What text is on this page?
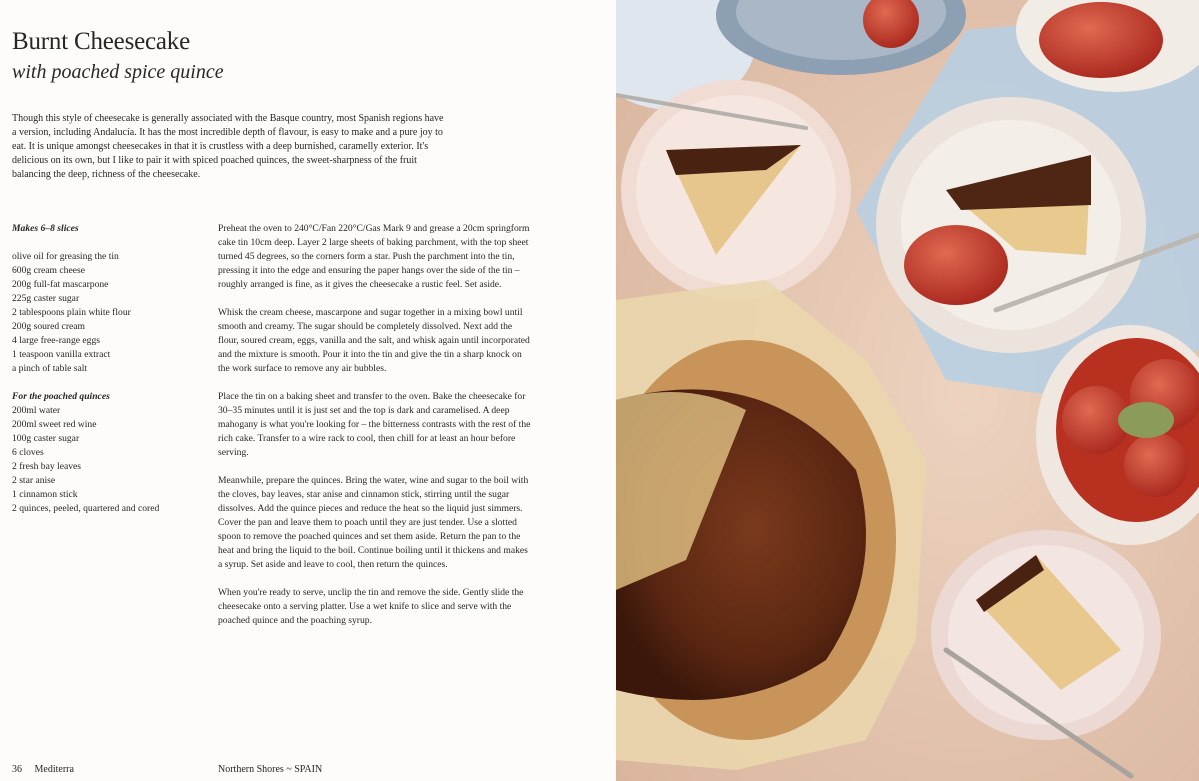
Burnt Cheesecake
with poached spice quince
Though this style of cheesecake is generally associated with the Basque country, most Spanish regions have a version, including Andalucía. It has the most incredible depth of flavour, is easy to make and a pure joy to eat. It is unique amongst cheesecakes in that it is crustless with a deep burnished, caramelly exterior. It's delicious on its own, but I like to pair it with spiced poached quinces, the sweet-sharpness of the fruit balancing the deep, richness of the cheesecake.
Makes 6–8 slices
olive oil for greasing the tin
600g cream cheese
200g full-fat mascarpone
225g caster sugar
2 tablespoons plain white flour
200g soured cream
4 large free-range eggs
1 teaspoon vanilla extract
a pinch of table salt
For the poached quinces
200ml water
200ml sweet red wine
100g caster sugar
6 cloves
2 fresh bay leaves
2 star anise
1 cinnamon stick
2 quinces, peeled, quartered and cored

Preheat the oven to 240°C/Fan 220°C/Gas Mark 9 and grease a 20cm springform cake tin 10cm deep. Layer 2 large sheets of baking parchment, with the top sheet turned 45 degrees, so the corners form a star. Push the parchment into the tin, pressing it into the edge and ensuring the paper hangs over the side of the tin – roughly arranged is fine, as it gives the cheesecake a rustic feel. Set aside.

Whisk the cream cheese, mascarpone and sugar together in a mixing bowl until smooth and creamy. The sugar should be completely dissolved. Next add the flour, soured cream, eggs, vanilla and the salt, and whisk again until incorporated and the mixture is smooth. Pour it into the tin and give the tin a sharp knock on the work surface to remove any air bubbles.

Place the tin on a baking sheet and transfer to the oven. Bake the cheesecake for 30–35 minutes until it is just set and the top is dark and caramelised. A deep mahogany is what you're looking for – the bitterness contrasts with the rest of the rich cake. Transfer to a wire rack to cool, then chill for at least an hour before serving.

Meanwhile, prepare the quinces. Bring the water, wine and sugar to the boil with the cloves, bay leaves, star anise and cinnamon stick, stirring until the sugar dissolves. Add the quince pieces and reduce the heat so the liquid just simmers. Cover the pan and leave them to poach until they are just tender. Use a slotted spoon to remove the poached quinces and set them aside. Return the pan to the heat and bring the liquid to the boil. Continue boiling until it thickens and makes a syrup. Set aside and leave to cool, then return the quinces.

When you're ready to serve, unclip the tin and remove the side. Gently slide the cheesecake onto a serving platter. Use a wet knife to slice and serve with the poached quince and the poaching syrup.

36 Mediterra	Northern Shores ~ SPAIN
